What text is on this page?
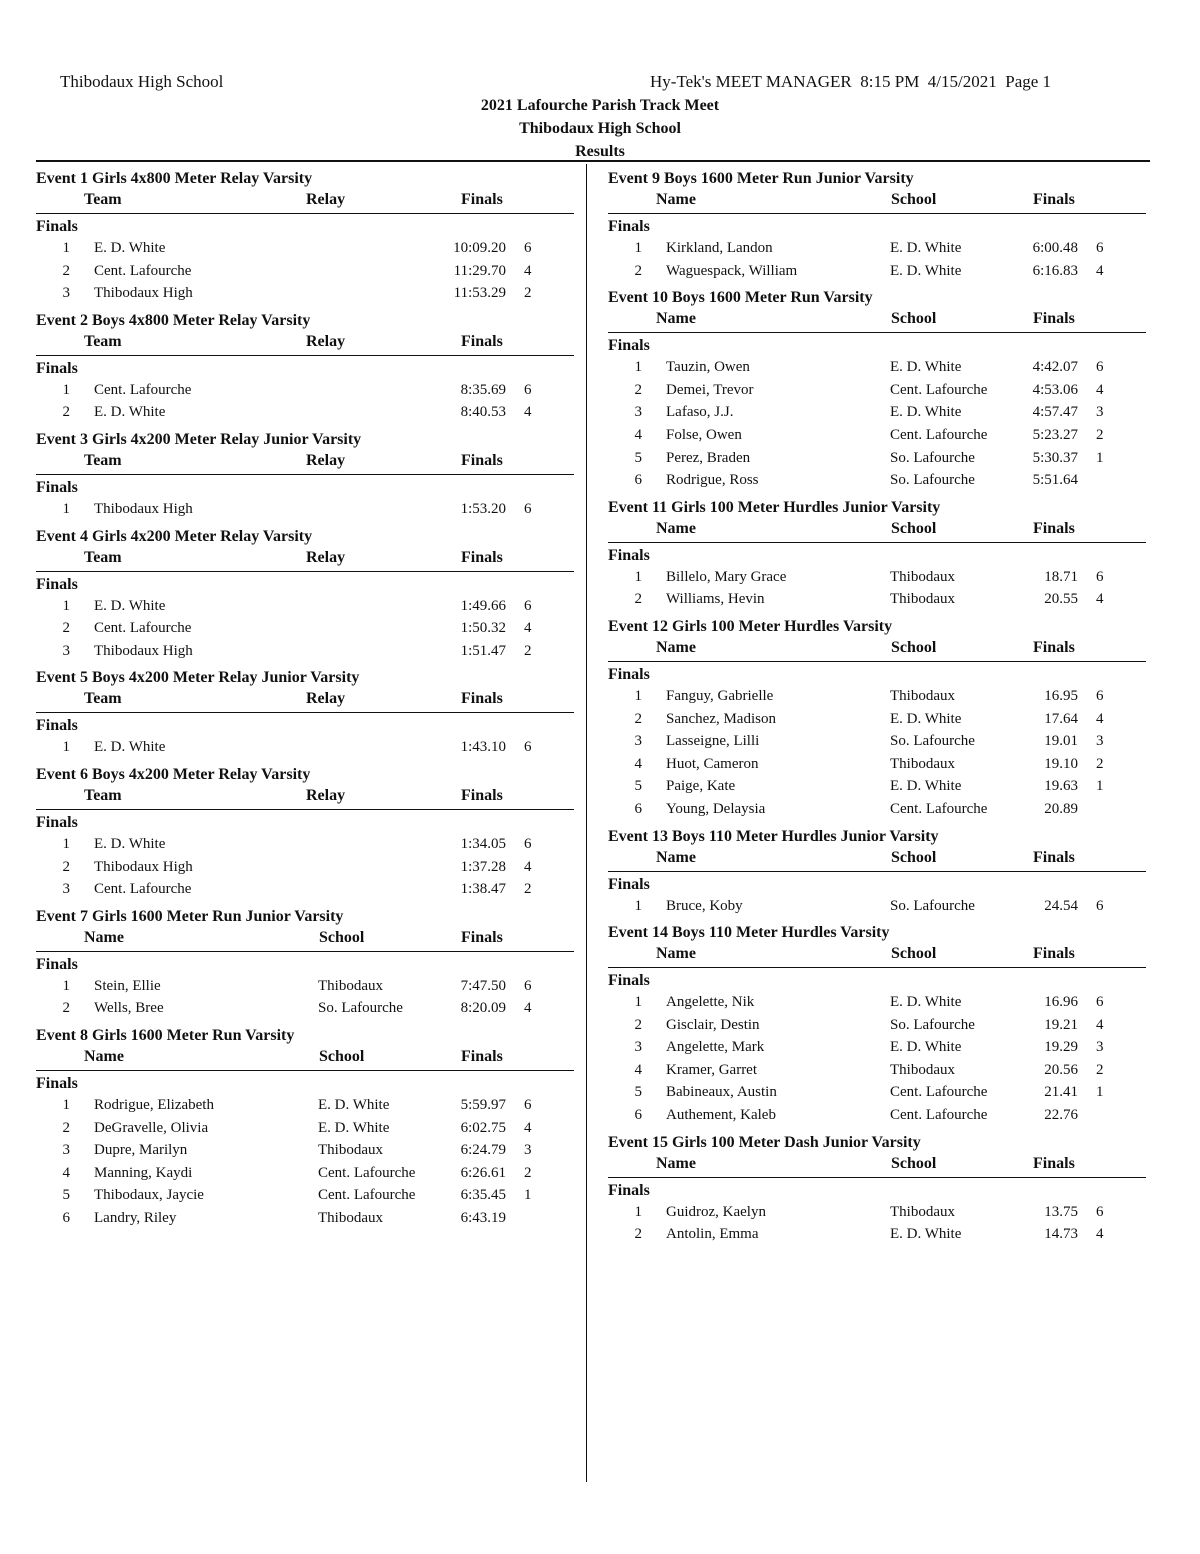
Thibodaux High School	Hy-Tek's MEET MANAGER  8:15 PM  4/15/2021  Page 1
2021 Lafourche Parish Track Meet
Thibodaux High School
Results
Event 1 Girls 4x800 Meter Relay Varsity
Team	Relay	Finals
Finals
1 E. D. White	10:09.20 6
2 Cent. Lafourche	11:29.70 4
3 Thibodaux High	11:53.29 2
Event 2 Boys 4x800 Meter Relay Varsity
Team	Relay	Finals
Finals
1 Cent. Lafourche	8:35.69 6
2 E. D. White	8:40.53 4
Event 3 Girls 4x200 Meter Relay Junior Varsity
Team	Relay	Finals
Finals
1 Thibodaux High	1:53.20 6
Event 4 Girls 4x200 Meter Relay Varsity
Team	Relay	Finals
Finals
1 E. D. White	1:49.66 6
2 Cent. Lafourche	1:50.32 4
3 Thibodaux High	1:51.47 2
Event 5 Boys 4x200 Meter Relay Junior Varsity
Team	Relay	Finals
Finals
1 E. D. White	1:43.10 6
Event 6 Boys 4x200 Meter Relay Varsity
Team	Relay	Finals
Finals
1 E. D. White	1:34.05 6
2 Thibodaux High	1:37.28 4
3 Cent. Lafourche	1:38.47 2
Event 7 Girls 1600 Meter Run Junior Varsity
Name	School	Finals
Finals
1 Stein, Ellie	Thibodaux	7:47.50 6
2 Wells, Bree	So. Lafourche	8:20.09 4
Event 8 Girls 1600 Meter Run Varsity
Name	School	Finals
Finals
1 Rodrigue, Elizabeth	E. D. White	5:59.97 6
2 DeGravelle, Olivia	E. D. White	6:02.75 4
3 Dupre, Marilyn	Thibodaux	6:24.79 3
4 Manning, Kaydi	Cent. Lafourche	6:26.61 2
5 Thibodaux, Jaycie	Cent. Lafourche	6:35.45 1
6 Landry, Riley	Thibodaux	6:43.19
Event 9 Boys 1600 Meter Run Junior Varsity
Name	School	Finals
Finals
1 Kirkland, Landon	E. D. White	6:00.48 6
2 Waguespack, William	E. D. White	6:16.83 4
Event 10 Boys 1600 Meter Run Varsity
Name	School	Finals
Finals
1 Tauzin, Owen	E. D. White	4:42.07 6
2 Demei, Trevor	Cent. Lafourche	4:53.06 4
3 Lafaso, J.J.	E. D. White	4:57.47 3
4 Folse, Owen	Cent. Lafourche	5:23.27 2
5 Perez, Braden	So. Lafourche	5:30.37 1
6 Rodrigue, Ross	So. Lafourche	5:51.64
Event 11 Girls 100 Meter Hurdles Junior Varsity
Name	School	Finals
Finals
1 Billelo, Mary Grace	Thibodaux	18.71 6
2 Williams, Hevin	Thibodaux	20.55 4
Event 12 Girls 100 Meter Hurdles Varsity
Name	School	Finals
Finals
1 Fanguy, Gabrielle	Thibodaux	16.95 6
2 Sanchez, Madison	E. D. White	17.64 4
3 Lasseigne, Lilli	So. Lafourche	19.01 3
4 Huot, Cameron	Thibodaux	19.10 2
5 Paige, Kate	E. D. White	19.63 1
6 Young, Delaysia	Cent. Lafourche	20.89
Event 13 Boys 110 Meter Hurdles Junior Varsity
Name	School	Finals
Finals
1 Bruce, Koby	So. Lafourche	24.54 6
Event 14 Boys 110 Meter Hurdles Varsity
Name	School	Finals
Finals
1 Angelette, Nik	E. D. White	16.96 6
2 Gisclair, Destin	So. Lafourche	19.21 4
3 Angelette, Mark	E. D. White	19.29 3
4 Kramer, Garret	Thibodaux	20.56 2
5 Babineaux, Austin	Cent. Lafourche	21.41 1
6 Authement, Kaleb	Cent. Lafourche	22.76
Event 15 Girls 100 Meter Dash Junior Varsity
Name	School	Finals
Finals
1 Guidroz, Kaelyn	Thibodaux	13.75 6
2 Antolin, Emma	E. D. White	14.73 4
